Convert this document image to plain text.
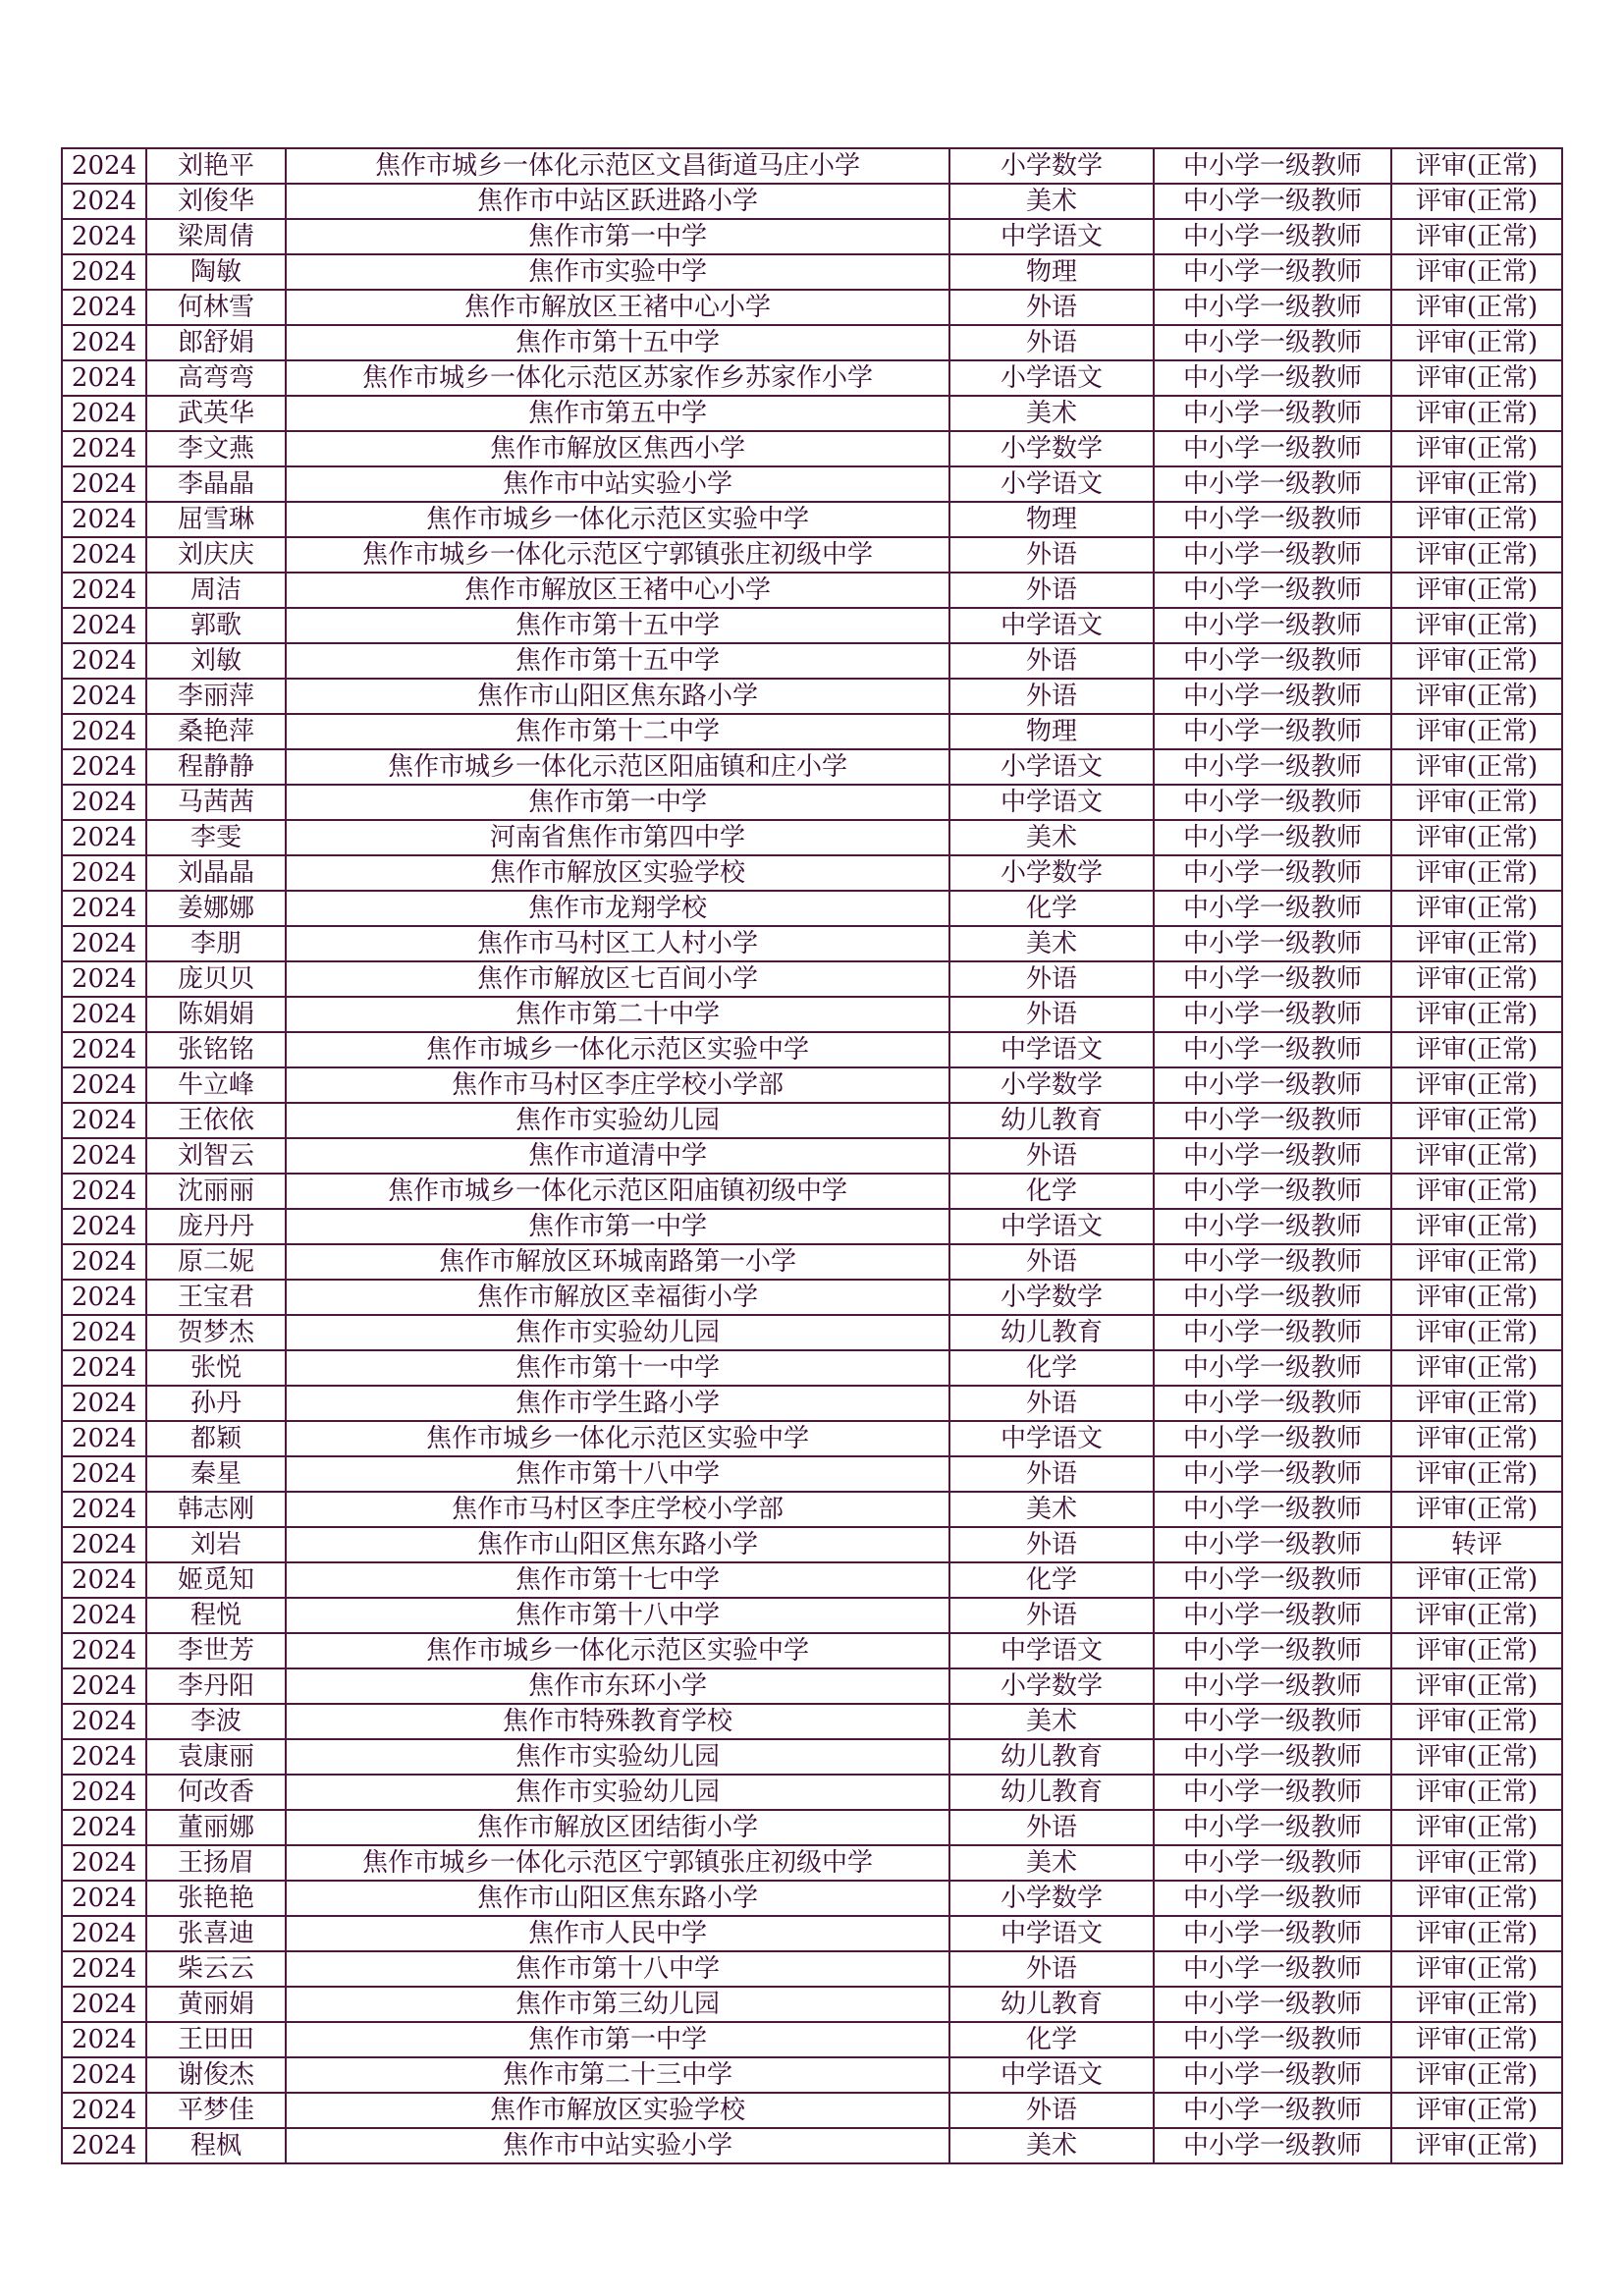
2024	刘艳平	焦作市城乡一体化示范区文昌街道马庄小学	小学数学	中小学一级教师	评审(正常)
2024	刘俊华	焦作市中站区跃进路小学	美术	中小学一级教师	评审(正常)
2024	梁周倩	焦作市第一中学	中学语文	中小学一级教师	评审(正常)
2024	陶敏	焦作市实验中学	物理	中小学一级教师	评审(正常)
2024	何林雪	焦作市解放区王褚中心小学	外语	中小学一级教师	评审(正常)
2024	郎舒娟	焦作市第十五中学	外语	中小学一级教师	评审(正常)
2024	高弯弯	焦作市城乡一体化示范区苏家作乡苏家作小学	小学语文	中小学一级教师	评审(正常)
2024	武英华	焦作市第五中学	美术	中小学一级教师	评审(正常)
2024	李文燕	焦作市解放区焦西小学	小学数学	中小学一级教师	评审(正常)
2024	李晶晶	焦作市中站实验小学	小学语文	中小学一级教师	评审(正常)
2024	屈雪琳	焦作市城乡一体化示范区实验中学	物理	中小学一级教师	评审(正常)
2024	刘庆庆	焦作市城乡一体化示范区宁郭镇张庄初级中学	外语	中小学一级教师	评审(正常)
2024	周洁	焦作市解放区王褚中心小学	外语	中小学一级教师	评审(正常)
2024	郭歌	焦作市第十五中学	中学语文	中小学一级教师	评审(正常)
2024	刘敏	焦作市第十五中学	外语	中小学一级教师	评审(正常)
2024	李丽萍	焦作市山阳区焦东路小学	外语	中小学一级教师	评审(正常)
2024	桑艳萍	焦作市第十二中学	物理	中小学一级教师	评审(正常)
2024	程静静	焦作市城乡一体化示范区阳庙镇和庄小学	小学语文	中小学一级教师	评审(正常)
2024	马茜茜	焦作市第一中学	中学语文	中小学一级教师	评审(正常)
2024	李雯	河南省焦作市第四中学	美术	中小学一级教师	评审(正常)
2024	刘晶晶	焦作市解放区实验学校	小学数学	中小学一级教师	评审(正常)
2024	姜娜娜	焦作市龙翔学校	化学	中小学一级教师	评审(正常)
2024	李朋	焦作市马村区工人村小学	美术	中小学一级教师	评审(正常)
2024	庞贝贝	焦作市解放区七百间小学	外语	中小学一级教师	评审(正常)
2024	陈娟娟	焦作市第二十中学	外语	中小学一级教师	评审(正常)
2024	张铭铭	焦作市城乡一体化示范区实验中学	中学语文	中小学一级教师	评审(正常)
2024	牛立峰	焦作市马村区李庄学校小学部	小学数学	中小学一级教师	评审(正常)
2024	王依依	焦作市实验幼儿园	幼儿教育	中小学一级教师	评审(正常)
2024	刘智云	焦作市道清中学	外语	中小学一级教师	评审(正常)
2024	沈丽丽	焦作市城乡一体化示范区阳庙镇初级中学	化学	中小学一级教师	评审(正常)
2024	庞丹丹	焦作市第一中学	中学语文	中小学一级教师	评审(正常)
2024	原二妮	焦作市解放区环城南路第一小学	外语	中小学一级教师	评审(正常)
2024	王宝君	焦作市解放区幸福街小学	小学数学	中小学一级教师	评审(正常)
2024	贺梦杰	焦作市实验幼儿园	幼儿教育	中小学一级教师	评审(正常)
2024	张悦	焦作市第十一中学	化学	中小学一级教师	评审(正常)
2024	孙丹	焦作市学生路小学	外语	中小学一级教师	评审(正常)
2024	都颖	焦作市城乡一体化示范区实验中学	中学语文	中小学一级教师	评审(正常)
2024	秦星	焦作市第十八中学	外语	中小学一级教师	评审(正常)
2024	韩志刚	焦作市马村区李庄学校小学部	美术	中小学一级教师	评审(正常)
2024	刘岩	焦作市山阳区焦东路小学	外语	中小学一级教师	转评
2024	姬觅知	焦作市第十七中学	化学	中小学一级教师	评审(正常)
2024	程悦	焦作市第十八中学	外语	中小学一级教师	评审(正常)
2024	李世芳	焦作市城乡一体化示范区实验中学	中学语文	中小学一级教师	评审(正常)
2024	李丹阳	焦作市东环小学	小学数学	中小学一级教师	评审(正常)
2024	李波	焦作市特殊教育学校	美术	中小学一级教师	评审(正常)
2024	袁康丽	焦作市实验幼儿园	幼儿教育	中小学一级教师	评审(正常)
2024	何改香	焦作市实验幼儿园	幼儿教育	中小学一级教师	评审(正常)
2024	董丽娜	焦作市解放区团结街小学	外语	中小学一级教师	评审(正常)
2024	王扬眉	焦作市城乡一体化示范区宁郭镇张庄初级中学	美术	中小学一级教师	评审(正常)
2024	张艳艳	焦作市山阳区焦东路小学	小学数学	中小学一级教师	评审(正常)
2024	张喜迪	焦作市人民中学	中学语文	中小学一级教师	评审(正常)
2024	柴云云	焦作市第十八中学	外语	中小学一级教师	评审(正常)
2024	黄丽娟	焦作市第三幼儿园	幼儿教育	中小学一级教师	评审(正常)
2024	王田田	焦作市第一中学	化学	中小学一级教师	评审(正常)
2024	谢俊杰	焦作市第二十三中学	中学语文	中小学一级教师	评审(正常)
2024	平梦佳	焦作市解放区实验学校	外语	中小学一级教师	评审(正常)
2024	程枫	焦作市中站实验小学	美术	中小学一级教师	评审(正常)
